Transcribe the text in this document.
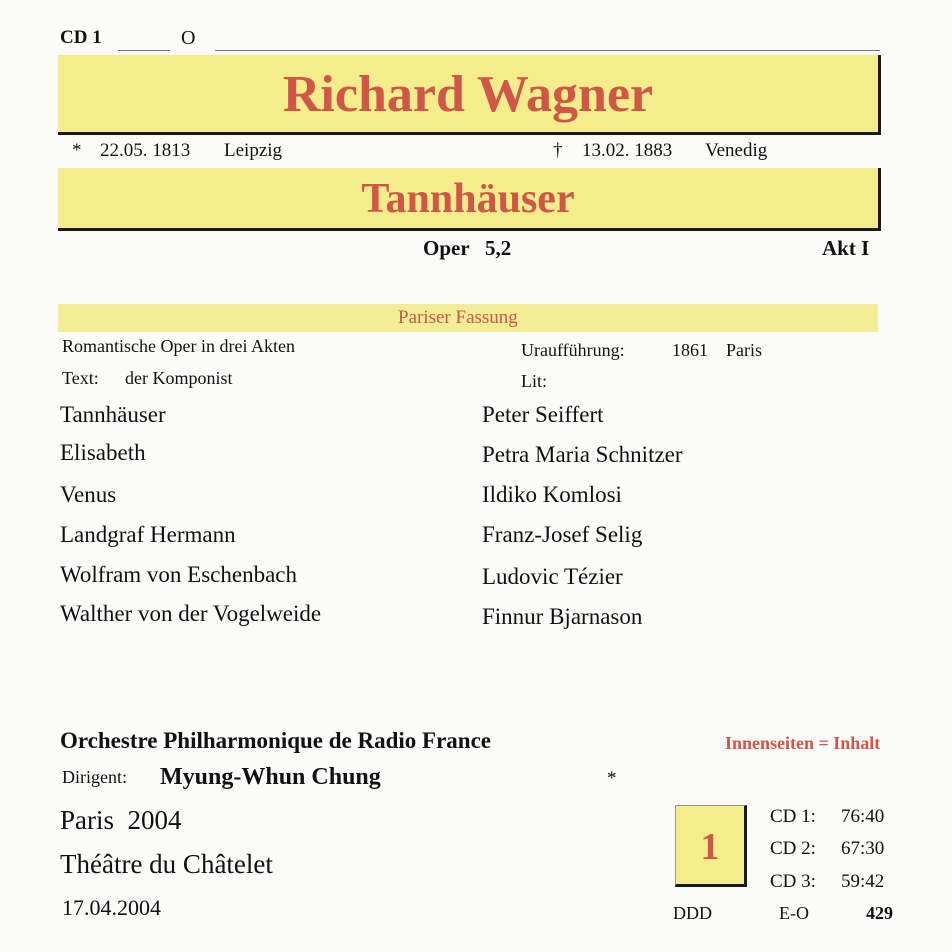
CD 1	O
Richard Wagner
* 22.05. 1813 Leipzig	† 13.02. 1883 Venedig
Tannhäuser
Oper 5,2	Akt I
Pariser Fassung
Romantische Oper in drei Akten	Uraufführung:	1861 Paris
Text: der Komponist	Lit:
Tannhäuser	Peter Seiffert
Elisabeth	Petra Maria Schnitzer
Venus	Ildiko Komlosi
Landgraf Hermann	Franz-Josef Selig
Wolfram von Eschenbach	Ludovic Tézier
Walther von der Vogelweide	Finnur Bjarnason
Orchestre Philharmonique de Radio France	Innenseiten = Inhalt
Dirigent: Myung-Whun Chung	*
Paris  2004
Théâtre du Châtelet
17.04.2004
1
CD 1: 76:40
CD 2: 67:30
CD 3: 59:42
DDD	E-O	429
